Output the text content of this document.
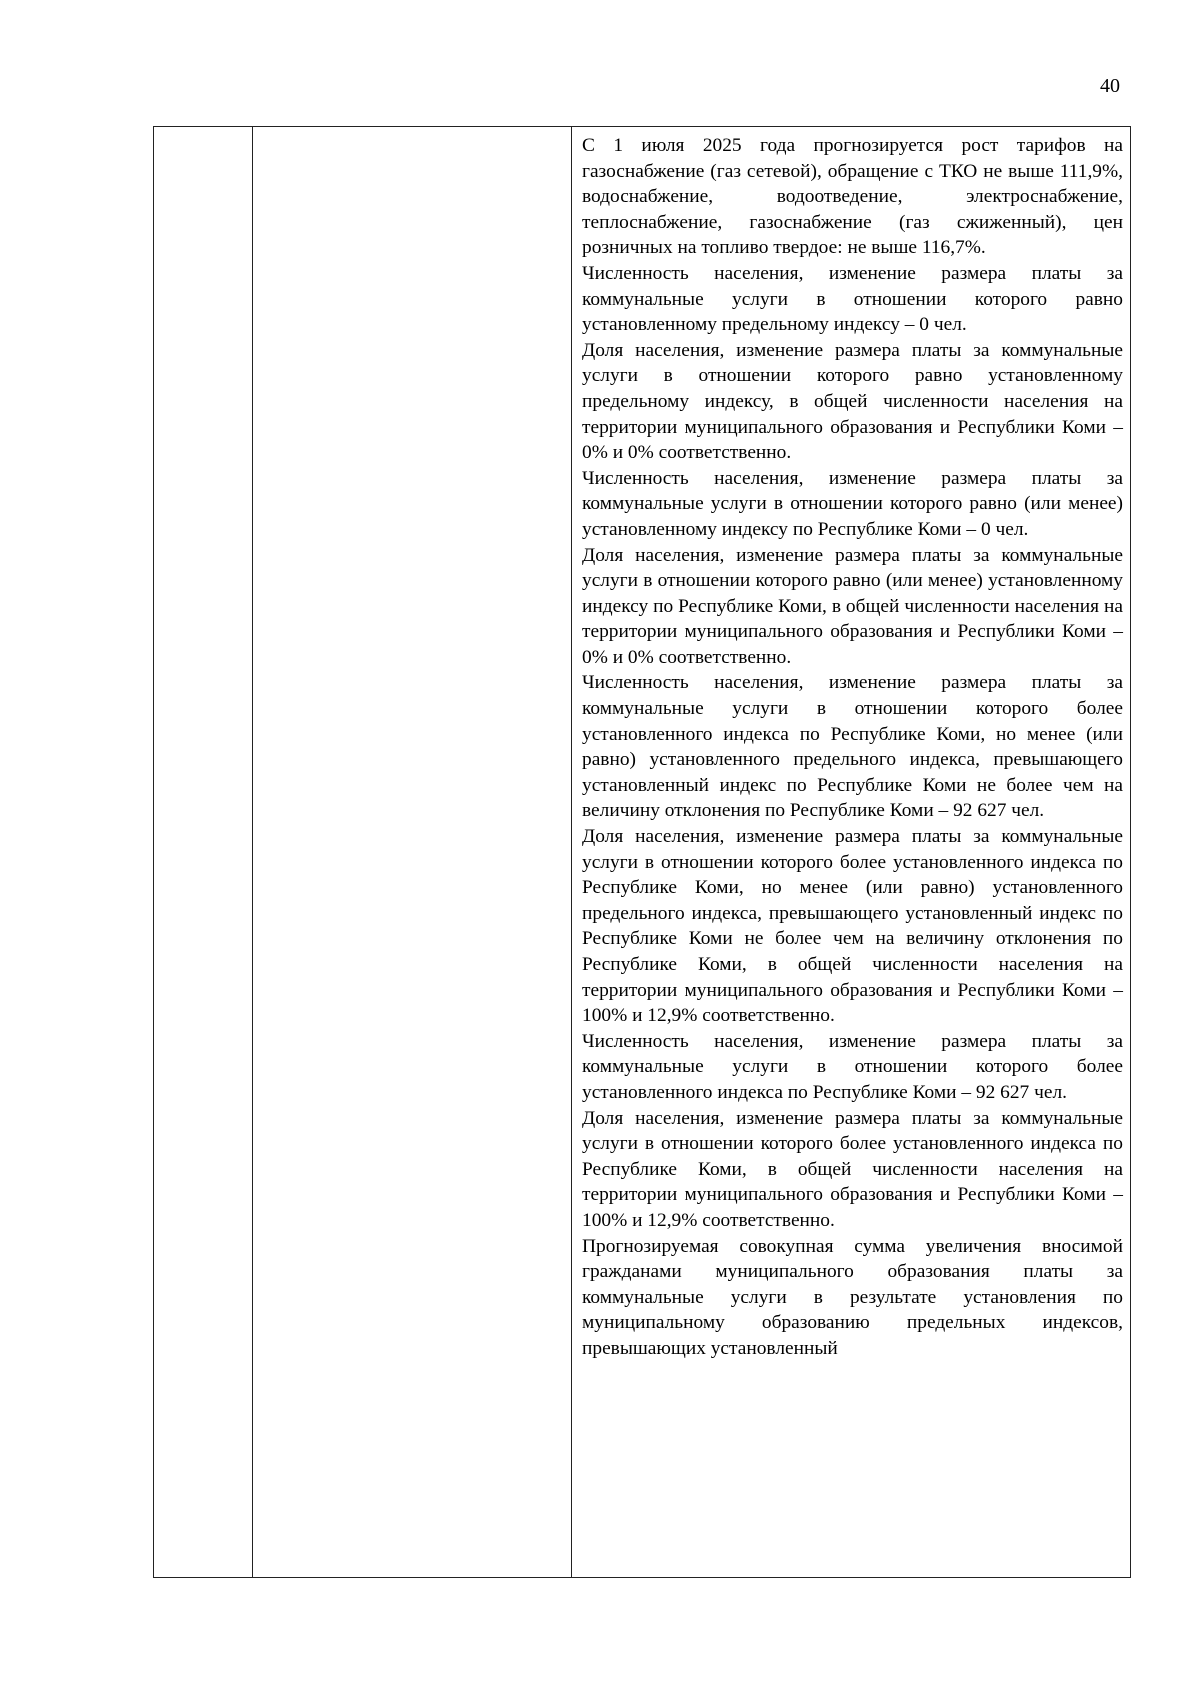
40

С 1 июля 2025 года прогнозируется рост тарифов на газоснабжение (газ сетевой), обращение с ТКО не выше 111,9%, водоснабжение, водоотведение, электроснабжение, теплоснабжение, газоснабжение (газ сжиженный), цен розничных на топливо твердое: не выше 116,7%.

Численность населения, изменение размера платы за коммунальные услуги в отношении которого равно установленному предельному индексу – 0 чел.

Доля населения, изменение размера платы за коммунальные услуги в отношении которого равно установленному предельному индексу, в общей численности населения на территории муниципального образования и Республики Коми – 0% и 0% соответственно.

Численность населения, изменение размера платы за коммунальные услуги в отношении которого равно (или менее) установленному индексу по Республике Коми – 0 чел.

Доля населения, изменение размера платы за коммунальные услуги в отношении которого равно (или менее) установленному индексу по Республике Коми, в общей численности населения на территории муниципального образования и Республики Коми – 0% и 0% соответственно.

Численность населения, изменение размера платы за коммунальные услуги в отношении которого более установленного индекса по Республике Коми, но менее (или равно) установленного предельного индекса, превышающего установленный индекс по Республике Коми не более чем на величину отклонения по Республике Коми – 92 627 чел.

Доля населения, изменение размера платы за коммунальные услуги в отношении которого более установленного индекса по Республике Коми, но менее (или равно) установленного предельного индекса, превышающего установленный индекс по Республике Коми не более чем на величину отклонения по Республике Коми, в общей численности населения на территории муниципального образования и Республики Коми – 100% и 12,9% соответственно.

Численность населения, изменение размера платы за коммунальные услуги в отношении которого более установленного индекса по Республике Коми – 92 627 чел.

Доля населения, изменение размера платы за коммунальные услуги в отношении которого более установленного индекса по Республике Коми, в общей численности населения на территории муниципального образования и Республики Коми – 100% и 12,9% соответственно.

Прогнозируемая совокупная сумма увеличения вносимой гражданами муниципального образования платы за коммунальные услуги в результате установления по муниципальному образованию предельных индексов, превышающих установленный
